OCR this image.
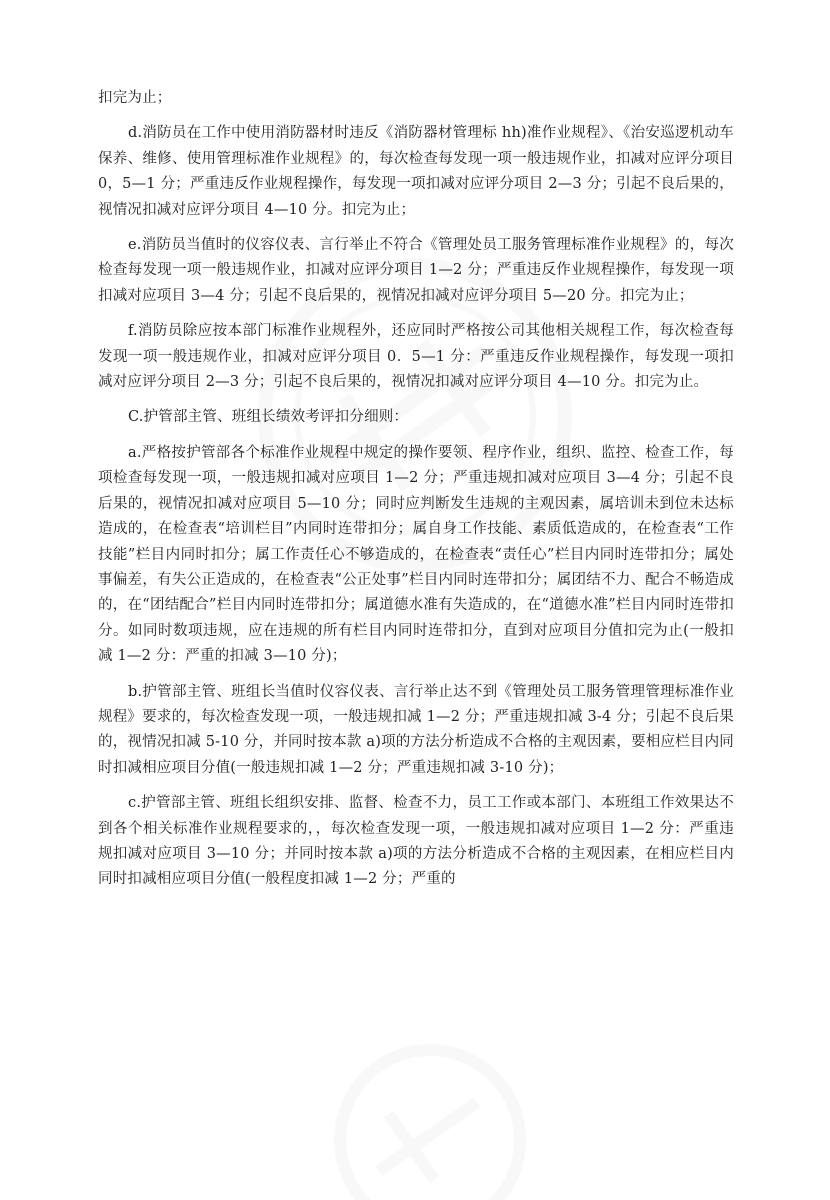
扣完为止；

d.消防员在工作中使用消防器材时违反《消防器材管理标 hh)准作业规程》、《治安巡逻机动车保养、维修、使用管理标准作业规程》的，每次检查每发现一项一般违规作业，扣减对应评分项目 0，5—1 分；严重违反作业规程操作，每发现一项扣减对应评分项目 2—3 分；引起不良后果的，视情况扣减对应评分项目 4—10 分。扣完为止；

e.消防员当值时的仪容仪表、言行举止不符合《管理处员工服务管理标准作业规程》的，每次检查每发现一项一般违规作业，扣减对应评分项目 1—2 分；严重违反作业规程操作，每发现一项扣减对应项目 3—4 分；引起不良后果的，视情况扣减对应评分项目 5—20 分。扣完为止；

f.消防员除应按本部门标准作业规程外，还应同时严格按公司其他相关规程工作，每次检查每发现一项一般违规作业，扣减对应评分项目 0．5—1 分：严重违反作业规程操作，每发现一项扣减对应评分项目 2—3 分；引起不良后果的，视情况扣减对应评分项目 4—10 分。扣完为止。

C.护管部主管、班组长绩效考评扣分细则：

a.严格按护管部各个标准作业规程中规定的操作要领、程序作业，组织、监控、检查工作，每项检查每发现一项，一般违规扣减对应项目 1—2 分；严重违规扣减对应项目 3—4 分；引起不良后果的，视情况扣减对应项目 5—10 分；同时应判断发生违规的主观因素，属培训未到位未达标造成的，在检查表“培训栏目”内同时连带扣分；属自身工作技能、素质低造成的，在检查表“工作技能”栏目内同时扣分；属工作责任心不够造成的，在检查表“责任心”栏目内同时连带扣分；属处事偏差，有失公正造成的，在检查表“公正处事”栏目内同时连带扣分；属团结不力、配合不畅造成的，在“团结配合”栏目内同时连带扣分；属道德水准有失造成的，在“道德水准”栏目内同时连带扣分。如同时数项违规，应在违规的所有栏目内同时连带扣分，直到对应项目分值扣完为止(一般扣减 1—2 分：严重的扣减 3—10 分)；

b.护管部主管、班组长当值时仪容仪表、言行举止达不到《管理处员工服务管理管理标准作业规程》要求的，每次检查发现一项，一般违规扣减 1—2 分；严重违规扣减 3-4 分；引起不良后果的，视情况扣减 5-10 分，并同时按本款 a)项的方法分析造成不合格的主观因素，要相应栏目内同时扣减相应项目分值(一般违规扣减 1—2 分；严重违规扣减 3-10 分)；

c.护管部主管、班组长组织安排、监督、检查不力，员工工作或本部门、本班组工作效果达不到各个相关标准作业规程要求的，，每次检查发现一项，一般违规扣减对应项目 1—2 分：严重违规扣减对应项目 3—10 分；并同时按本款 a)项的方法分析造成不合格的主观因素，在相应栏目内同时扣减相应项目分值(一般程度扣减 1—2 分；严重的
